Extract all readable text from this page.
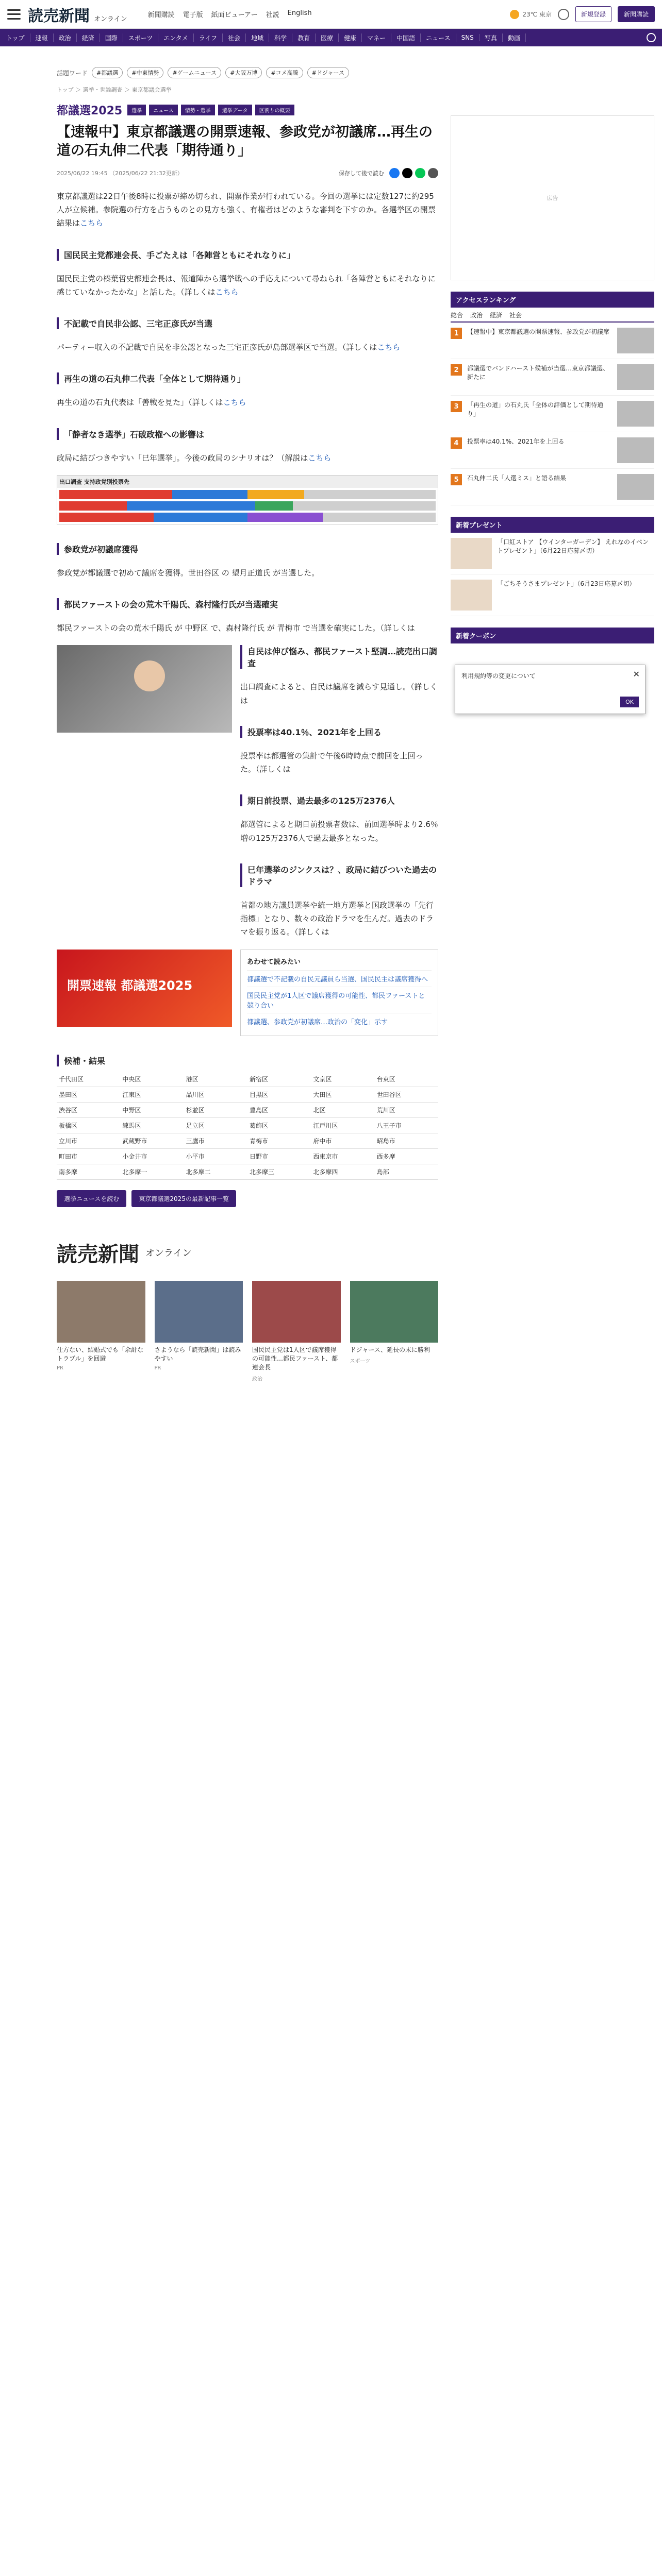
読売新聞 オンライン	新聞購読 電子版 紙面ビューアー 社説 English	23℃ 東京	新規登録	新聞購読
トップ	速報	政治	経済	国際	スポーツ	エンタメ	ライフ	社会	地域	科学	教育	医療	健康	マネー	中国語	ニュース	SNS	写真	動画
話題ワード	#都議選	#中東情勢	#ゲームニュース	#大阪万博	#コメ高騰	#ドジャース
トップ ＞ 選挙・世論調査 ＞ 東京都議会選挙
都議選2025	選挙	ニュース	情勢・選挙	選挙データ	区割りの概要
【速報中】東京都議選の開票速報、参政党が初議席…再生の道の石丸伸二代表「期待通り」
2025/06/22 19:45 （2025/06/22 21:32更新）	保存して後で読む

東京都議選は22日午後8時に投票が締め切られ、開票作業が行われている。今回の選挙には定数127に約295人が立候補。参院選の行方を占うものとの見方も強く、有権者はどのような審判を下すのか。各選挙区の開票結果はこちら

国民民主党都連会長、手ごたえは「各陣営ともにそれなりに」

国民民主党の榛葉哲史都連会長は、報道陣から選挙戦への手応えについて尋ねられ「各陣営ともにそれなりに感じていなかったかな」と話した。（詳しくはこちら

不記載で自民非公認、三宅正彦氏が当選

パーティー収入の不記載で自民を非公認となった三宅正彦氏が島部選挙区で当選。（詳しくはこちら

再生の道の石丸伸二代表「全体として期待通り」

再生の道の石丸代表は「善戦を見た」（詳しくはこちら

「静者なき選挙」石破政権への影響は

政局に結びつきやすい「巳年選挙」。今後の政局のシナリオは？（解説はこちら

出口調査 支持政党別投票先
参政党が初議席獲得

参政党が都議選で初めて議席を獲得。世田谷区 の 望月正道氏 が当選した。

都民ファーストの会の荒木千陽氏、森村隆行氏が当選確実

都民ファーストの会の荒木千陽氏 が 中野区 で、森村隆行氏 が 青梅市 で当選を確実にした。（詳しくは

自民は伸び悩み、都民ファースト堅調…読売出口調査

出口調査によると、自民は議席を減らす見通し。（詳しくは

投票率は40.1％、2021年を上回る

投票率は都選管の集計で午後6時時点で前回を上回った。（詳しくは

期日前投票、過去最多の125万2376人

都選管によると期日前投票者数は、前回選挙時より2.6％増の125万2376人で過去最多となった。

巳年選挙のジンクスは？、政局に結びついた過去のドラマ

首都の地方議員選挙や統一地方選挙と国政選挙の「先行指標」となり、数々の政治ドラマを生んだ。過去のドラマを振り返る。（詳しくは

開票速報 都議選2025
あわせて読みたい
都議選で不記載の自民元議員ら当選、国民民主は議席獲得へ
国民民主党が1人区で議席獲得の可能性、都民ファーストと競り合い
都議選、参政党が初議席…政治の「変化」示す
候補・結果
千代田区	中央区	港区	新宿区	文京区	台東区
墨田区	江東区	品川区	目黒区	大田区	世田谷区
渋谷区	中野区	杉並区	豊島区	北区	荒川区
板橋区	練馬区	足立区	葛飾区	江戸川区	八王子市
立川市	武蔵野市	三鷹市	青梅市	府中市	昭島市
町田市	小金井市	小平市	日野市	西東京市	西多摩
南多摩	北多摩一	北多摩二	北多摩三	北多摩四	島部
選挙ニュースを読む	東京都議選2025の最新記事一覧
読売新聞 オンライン
仕方ない、結婚式でも「余計なトラブル」を回避
PR
さようなら「読売新聞」は読みやすい
PR
国民民主党は1人区で議席獲得の可能性…都民ファースト、都連会長
政治
ドジャース、延長の末に勝利
スポーツ
広告
アクセスランキング
総合 政治 経済 社会
1	【速報中】東京都議選の開票速報、参政党が初議席
2	都議選でバンドハースト候補が当選…東京都議選、新たに
3	「再生の道」の石丸氏「全体の評価として期待通り」
4	投票率は40.1%、2021年を上回る
5	石丸伸二氏「人選ミス」と語る結果
新着プレゼント
「口紅ストア 【ウインターガーデン】 えれなのイベントプレゼント」（6月22日応募〆切）
「ごちそうさまプレゼント」（6月23日応募〆切）
新着クーポン
✕
利用規約等の変更について
OK
